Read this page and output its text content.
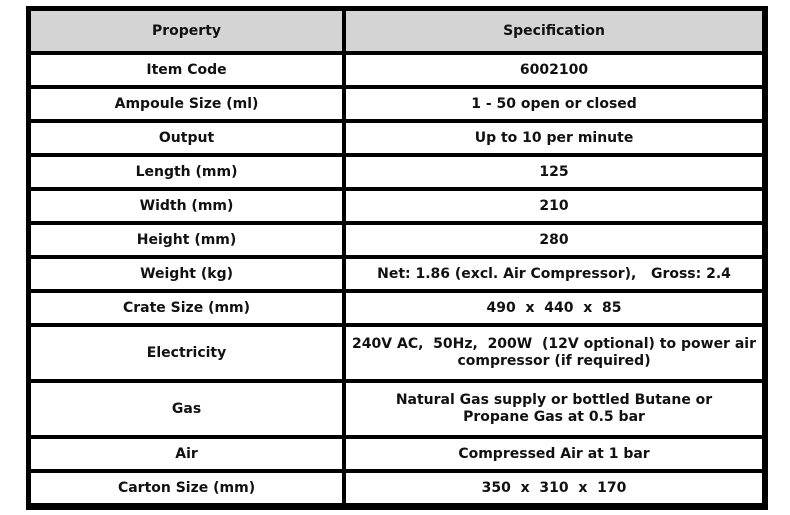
Property	Specification
Item Code	6002100
Ampoule Size (ml)	1 - 50 open or closed
Output	Up to 10 per minute
Length (mm)	125
Width (mm)	210
Height (mm)	280
Weight (kg)	Net: 1.86 (excl. Air Compressor),   Gross: 2.4
Crate Size (mm)	490  x  440  x  85
Electricity	240V AC,  50Hz,  200W  (12V optional) to power air
compressor (if required)

Gas	Natural Gas supply or bottled Butane or
Propane Gas at 0.5 bar

Air	Compressed Air at 1 bar
Carton Size (mm)	350  x  310  x  170
